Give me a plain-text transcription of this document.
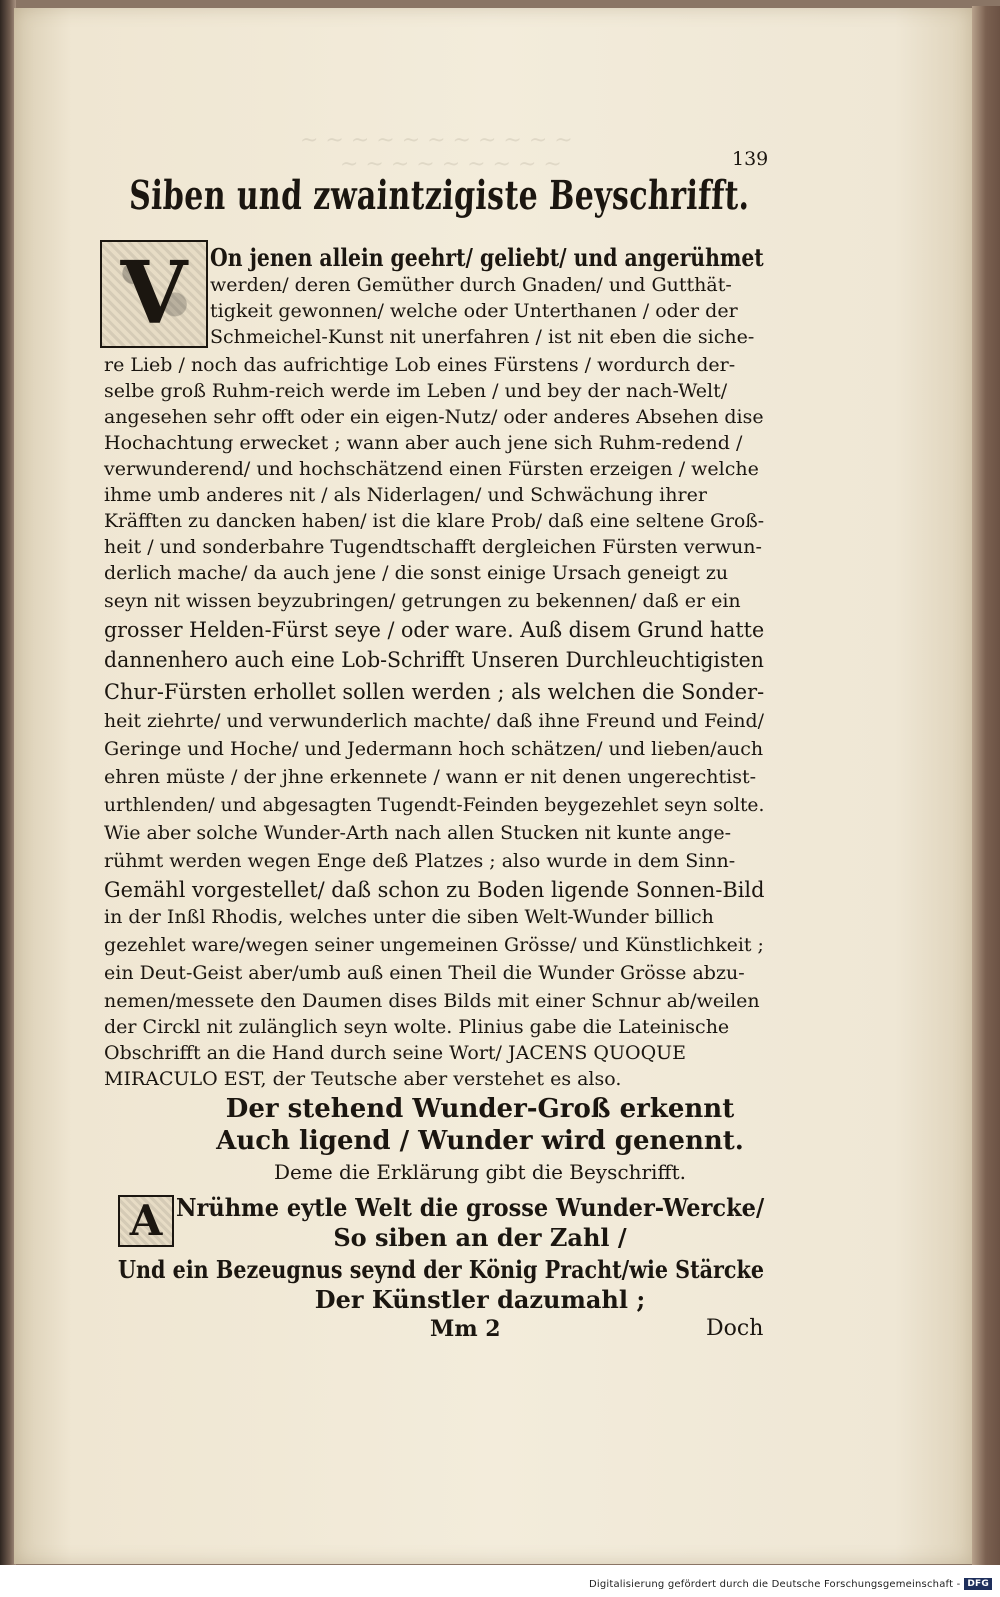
~ ~ ~ ~ ~ ~ ~ ~ ~ ~ ~
~ ~ ~ ~ ~ ~ ~ ~ ~	139
Siben und zwaintzigiste Beyschrifft.
V On jenen allein geehrt/ geliebt/ und angerühmet
werden/ deren Gemüther durch Gnaden/ und Gutthät-
tigkeit gewonnen/ welche oder Unterthanen / oder der
Schmeichel-Kunst nit unerfahren / ist nit eben die siche-
re Lieb / noch das aufrichtige Lob eines Fürstens / wordurch der-
selbe groß Ruhm-reich werde im Leben / und bey der nach-Welt/
angesehen sehr offt oder ein eigen-Nutz/ oder anderes Absehen dise
Hochachtung erwecket ; wann aber auch jene sich Ruhm-redend /
verwunderend/ und hochschätzend einen Fürsten erzeigen / welche
ihme umb anderes nit / als Niderlagen/ und Schwächung ihrer
Kräfften zu dancken haben/ ist die klare Prob/ daß eine seltene Groß-
heit / und sonderbahre Tugendtschafft dergleichen Fürsten verwun-
derlich mache/ da auch jene / die sonst einige Ursach geneigt zu
seyn nit wissen beyzubringen/ getrungen zu bekennen/ daß er ein
grosser Helden-Fürst seye / oder ware. Auß disem Grund hatte
dannenhero auch eine Lob-Schrifft Unseren Durchleuchtigisten
Chur-Fürsten erhollet sollen werden ; als welchen die Sonder-
heit ziehrte/ und verwunderlich machte/ daß ihne Freund und Feind/
Geringe und Hoche/ und Jedermann hoch schätzen/ und lieben/auch
ehren müste / der jhne erkennete / wann er nit denen ungerechtist-
urthlenden/ und abgesagten Tugendt-Feinden beygezehlet seyn solte.
Wie aber solche Wunder-Arth nach allen Stucken nit kunte ange-
rühmt werden wegen Enge deß Platzes ; also wurde in dem Sinn-
Gemähl vorgestellet/ daß schon zu Boden ligende Sonnen-Bild
in der Inßl Rhodis, welches unter die siben Welt-Wunder billich
gezehlet ware/wegen seiner ungemeinen Grösse/ und Künstlichkeit ;
ein Deut-Geist aber/umb auß einen Theil die Wunder Grösse abzu-
nemen/messete den Daumen dises Bilds mit einer Schnur ab/weilen
der Circkl nit zulänglich seyn wolte. Plinius gabe die Lateinische
Obschrifft an die Hand durch seine Wort/ JACENS QUOQUE
MIRACULO EST, der Teutsche aber verstehet es also.
Der stehend Wunder-Groß erkennt
Auch ligend / Wunder wird genennt.
Deme die Erklärung gibt die Beyschrifft.
A Nrühme eytle Welt die grosse Wunder-Wercke/
So siben an der Zahl /
Und ein Bezeugnus seynd der König Pracht/wie Stärcke
Der Künstler dazumahl ;
Mm 2	Doch
Digitalisierung gefördert durch die Deutsche Forschungsgemeinschaft - DFG
